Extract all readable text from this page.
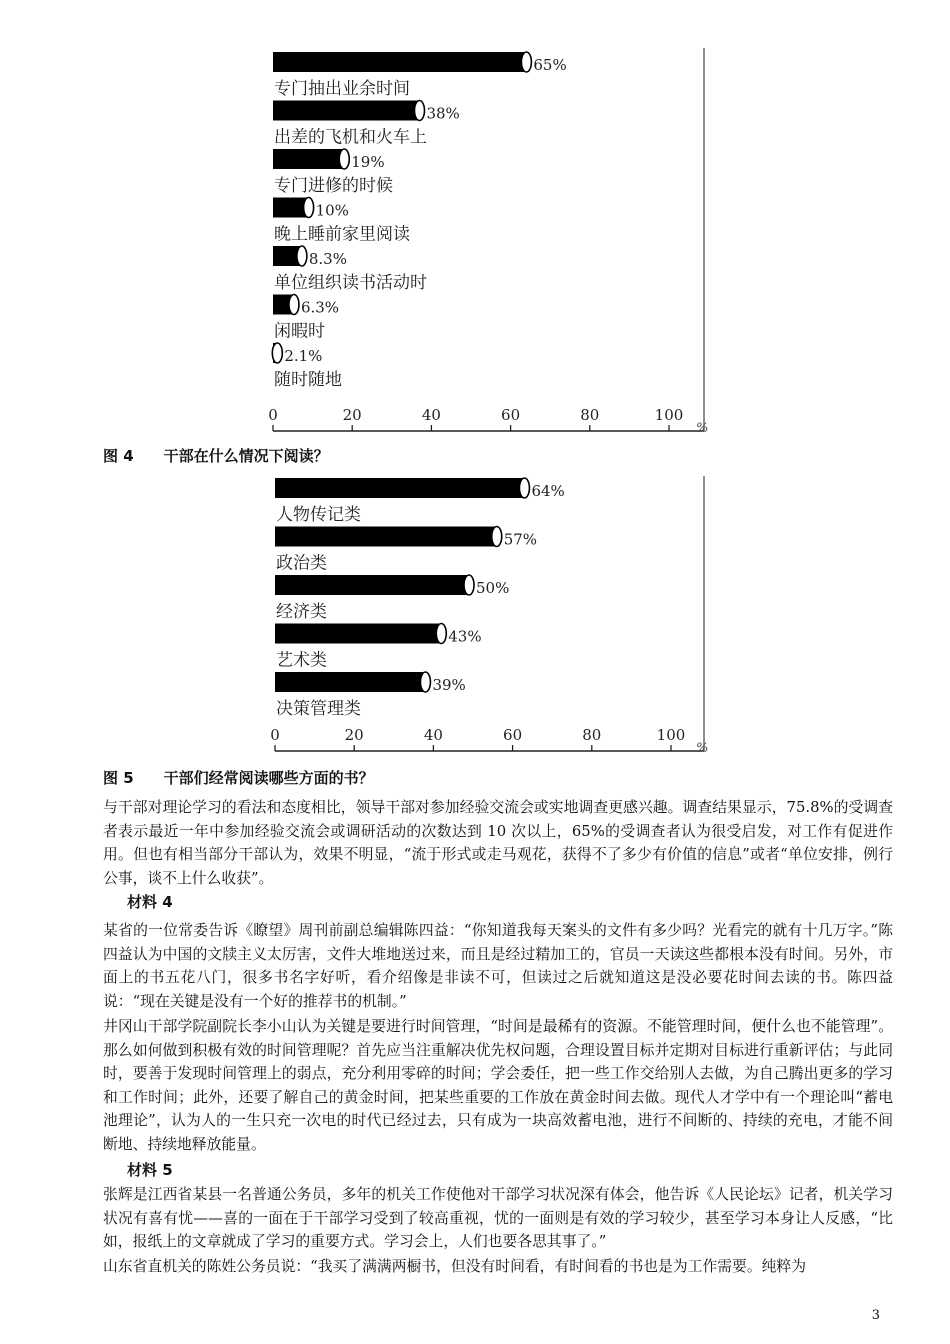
65%
专门抽出业余时间
38%
出差的飞机和火车上
19%
专门进修的时候
10%
晚上睡前家里阅读
8.3%
单位组织读书活动时
6.3%
闲暇时
2.1%
随时随地
0	20	40	60	80	100
%
图 4　　干部在什么情况下阅读？
64%
人物传记类
57%
政治类
50%
经济类
43%
艺术类
39%
决策管理类
0	20	40	60	80	100
%
图 5　　干部们经常阅读哪些方面的书？

与干部对理论学习的看法和态度相比，领导干部对参加经验交流会或实地调查更感兴趣。调查结果显示，75.8%的受调查者表示最近一年中参加经验交流会或调研活动的次数达到 10 次以上，65%的受调查者认为很受启发，对工作有促进作用。但也有相当部分干部认为，效果不明显，“流于形式或走马观花，获得不了多少有价值的信息”或者“单位安排，例行公事，谈不上什么收获”。

材料 4

某省的一位常委告诉《瞭望》周刊前副总编辑陈四益：“你知道我每天案头的文件有多少吗？光看完的就有十几万字。”陈四益认为中国的文牍主义太厉害，文件大堆地送过来，而且是经过精加工的，官员一天读这些都根本没有时间。另外，市面上的书五花八门，很多书名字好听，看介绍像是非读不可，但读过之后就知道这是没必要花时间去读的书。陈四益说：“现在关键是没有一个好的推荐书的机制。”

井冈山干部学院副院长李小山认为关键是要进行时间管理，“时间是最稀有的资源。不能管理时间，便什么也不能管理”。那么如何做到积极有效的时间管理呢？首先应当注重解决优先权问题，合理设置目标并定期对目标进行重新评估；与此同时，要善于发现时间管理上的弱点，充分利用零碎的时间；学会委任，把一些工作交给别人去做，为自己腾出更多的学习和工作时间；此外，还要了解自己的黄金时间，把某些重要的工作放在黄金时间去做。现代人才学中有一个理论叫“蓄电池理论”，认为人的一生只充一次电的时代已经过去，只有成为一块高效蓄电池，进行不间断的、持续的充电，才能不间断地、持续地释放能量。

材料 5

张辉是江西省某县一名普通公务员，多年的机关工作使他对干部学习状况深有体会，他告诉《人民论坛》记者，机关学习状况有喜有忧——喜的一面在于干部学习受到了较高重视，忧的一面则是有效的学习较少，甚至学习本身让人反感，“比如，报纸上的文章就成了学习的重要方式。学习会上，人们也要各思其事了。”

山东省直机关的陈姓公务员说：“我买了满满两橱书，但没有时间看，有时间看的书也是为工作需要。纯粹为

3
